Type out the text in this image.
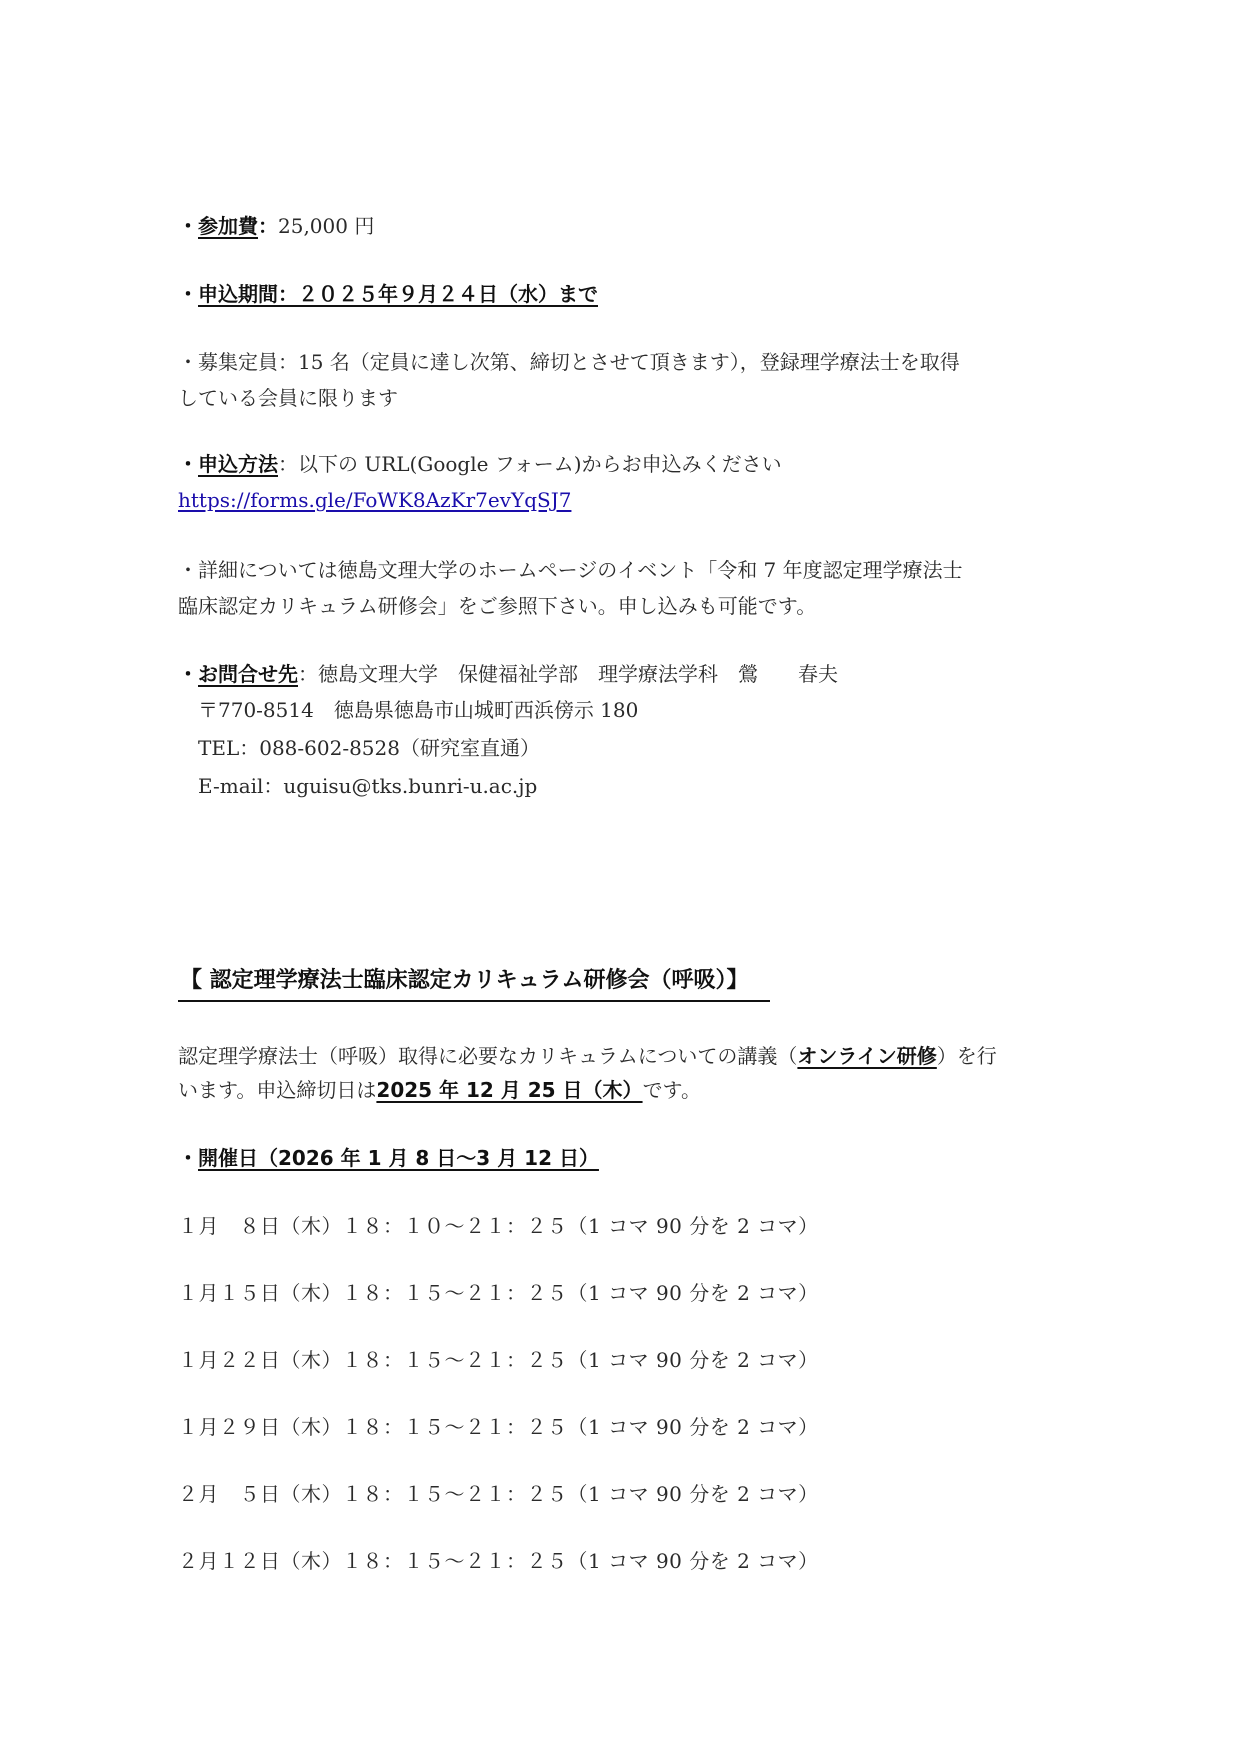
・参加費：25,000 円
・申込期間：２０２５年９月２４日（水）まで
・募集定員：15 名（定員に達し次第、締切とさせて頂きます），登録理学療法士を取得
している会員に限ります
・申込方法：以下の URL(Google フォーム)からお申込みください
https://forms.gle/FoWK8AzKr7evYqSJ7
・詳細については徳島文理大学のホームページのイベント「令和 7 年度認定理学療法士
臨床認定カリキュラム研修会」をご参照下さい。申し込みも可能です。
・お問合せ先：徳島文理大学　保健福祉学部　理学療法学科　鶯　　春夫
〒770-8514　徳島県徳島市山城町西浜傍示 180
TEL：088-602-8528（研究室直通）
E-mail：uguisu@tks.bunri-u.ac.jp
【 認定理学療法士臨床認定カリキュラム研修会（呼吸）】
認定理学療法士（呼吸）取得に必要なカリキュラムについての講義（オンライン研修）を行
います。申込締切日は2025 年 12 月 25 日（木）です。
・開催日（2026 年 1 月 8 日〜3 月 12 日）
１月　８日（木）１８：１０〜２１：２５（1 コマ 90 分を 2 コマ）
１月１５日（木）１８：１５〜２１：２５（1 コマ 90 分を 2 コマ）
１月２２日（木）１８：１５〜２１：２５（1 コマ 90 分を 2 コマ）
１月２９日（木）１８：１５〜２１：２５（1 コマ 90 分を 2 コマ）
２月　５日（木）１８：１５〜２１：２５（1 コマ 90 分を 2 コマ）
２月１２日（木）１８：１５〜２１：２５（1 コマ 90 分を 2 コマ）
